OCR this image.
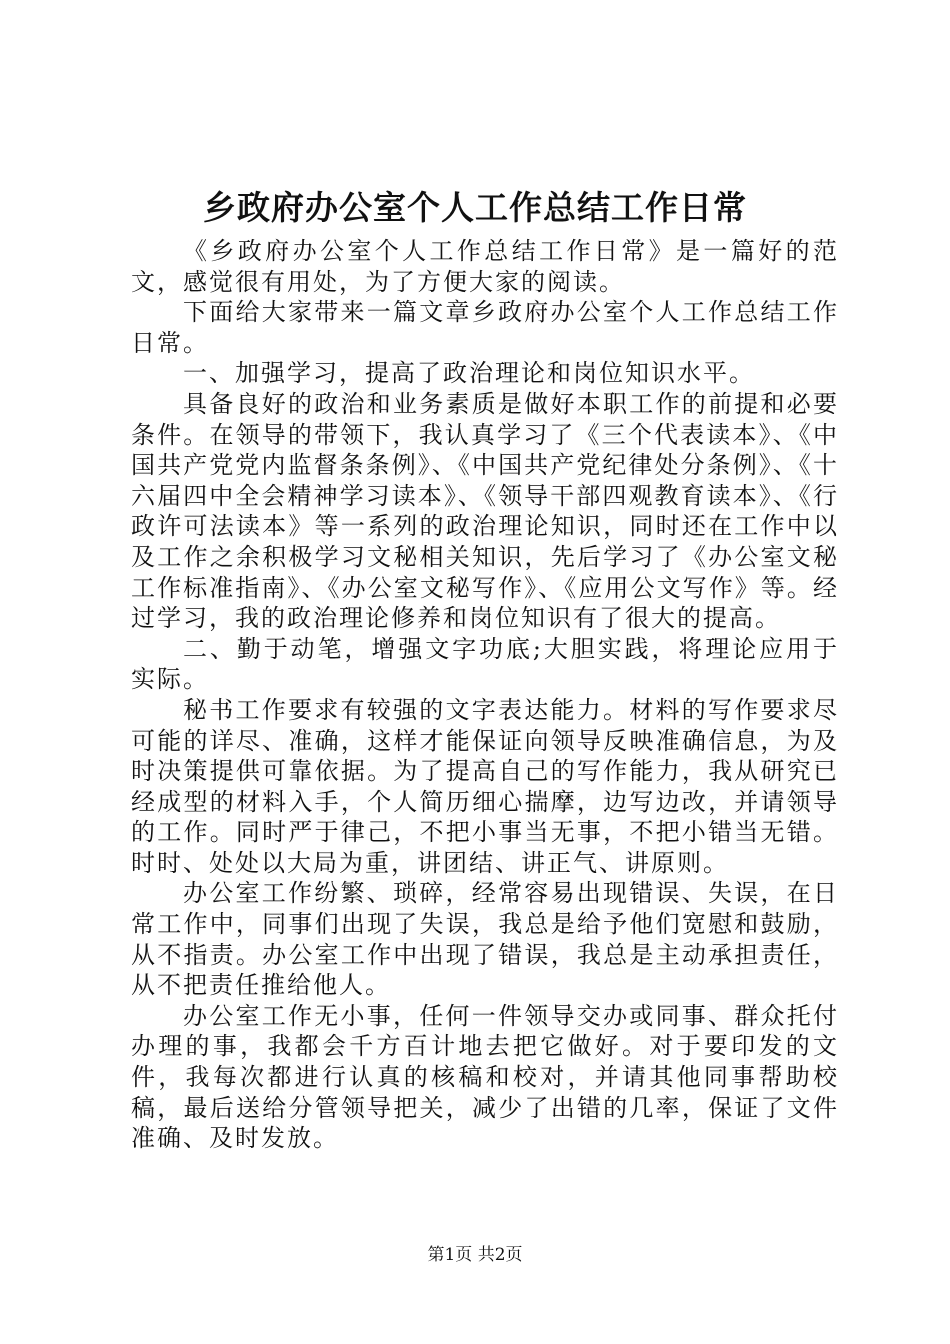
乡政府办公室个人工作总结工作日常

《乡政府办公室个人工作总结工作日常》是一篇好的范文，感觉很有用处，为了方便大家的阅读。

下面给大家带来一篇文章乡政府办公室个人工作总结工作日常。

一、加强学习，提高了政治理论和岗位知识水平。

具备良好的政治和业务素质是做好本职工作的前提和必要条件。在领导的带领下，我认真学习了《三个代表读本》、《中国共产党党内监督条条例》、《中国共产党纪律处分条例》、《十六届四中全会精神学习读本》、《领导干部四观教育读本》、《行政许可法读本》等一系列的政治理论知识，同时还在工作中以及工作之余积极学习文秘相关知识，先后学习了《办公室文秘工作标准指南》、《办公室文秘写作》、《应用公文写作》等。经过学习，我的政治理论修养和岗位知识有了很大的提高。

二、勤于动笔，增强文字功底;大胆实践，将理论应用于实际。

秘书工作要求有较强的文字表达能力。材料的写作要求尽可能的详尽、准确，这样才能保证向领导反映准确信息，为及时决策提供可靠依据。为了提高自己的写作能力，我从研究已经成型的材料入手，个人简历细心揣摩，边写边改，并请领导的工作。同时严于律己，不把小事当无事，不把小错当无错。时时、处处以大局为重，讲团结、讲正气、讲原则。

办公室工作纷繁、琐碎，经常容易出现错误、失误，在日常工作中，同事们出现了失误，我总是给予他们宽慰和鼓励，从不指责。办公室工作中出现了错误，我总是主动承担责任，从不把责任推给他人。

办公室工作无小事，任何一件领导交办或同事、群众托付办理的事，我都会千方百计地去把它做好。对于要印发的文件，我每次都进行认真的核稿和校对，并请其他同事帮助校稿，最后送给分管领导把关，减少了出错的几率，保证了文件准确、及时发放。

第1页 共2页
